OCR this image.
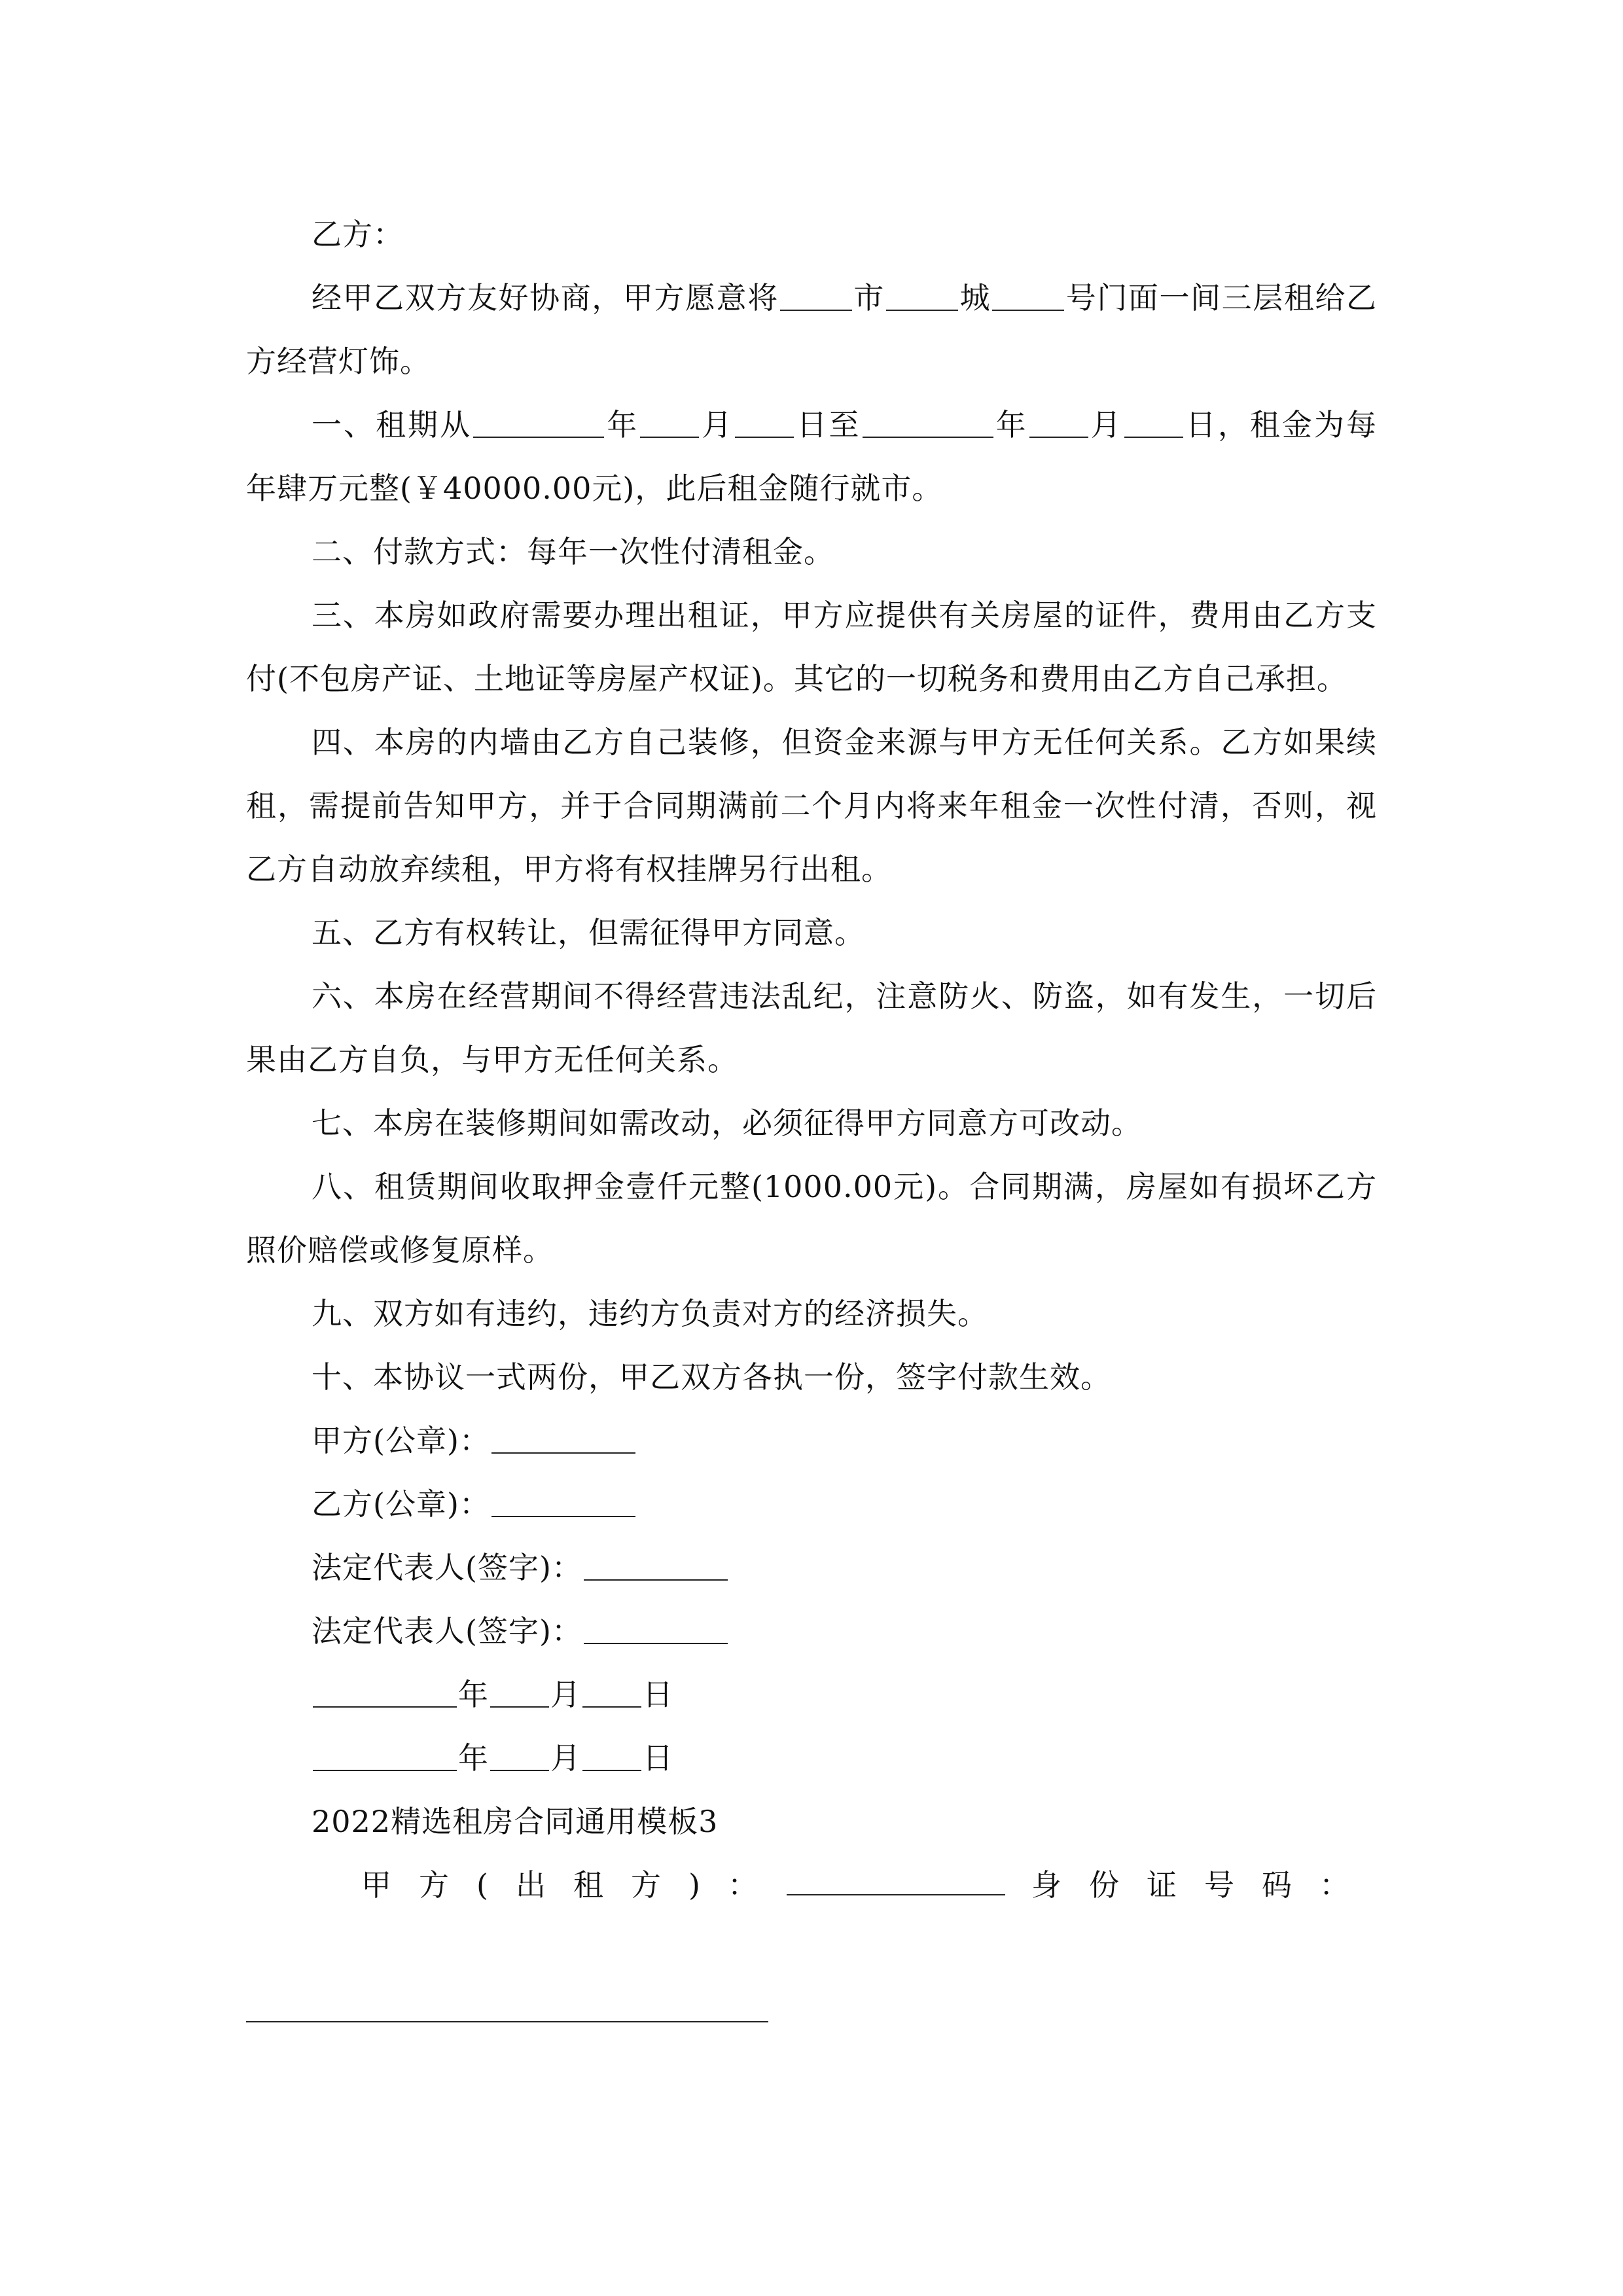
乙方：

经甲乙双方友好协商，甲方愿意将 市 城 号门面一间三层租给乙方经营灯饰。

一、租期从	年 月 日至	年 月 日，租金为每年肆万元整(￥40000.00元)，此后租金随行就市。

二、付款方式：每年一次性付清租金。

三、本房如政府需要办理出租证，甲方应提供有关房屋的证件，费用由乙方支付(不包房产证、土地证等房屋产权证)。其它的一切税务和费用由乙方自己承担。

四、本房的内墙由乙方自己装修，但资金来源与甲方无任何关系。乙方如果续租，需提前告知甲方，并于合同期满前二个月内将来年租金一次性付清，否则，视乙方自动放弃续租，甲方将有权挂牌另行出租。

五、乙方有权转让，但需征得甲方同意。

六、本房在经营期间不得经营违法乱纪，注意防火、防盗，如有发生，一切后果由乙方自负，与甲方无任何关系。

七、本房在装修期间如需改动，必须征得甲方同意方可改动。

八、租赁期间收取押金壹仟元整(1000.00元)。合同期满，房屋如有损坏乙方照价赔偿或修复原样。

九、双方如有违约，违约方负责对方的经济损失。

十、本协议一式两份，甲乙双方各执一份，签字付款生效。

甲方(公章)：

乙方(公章)：

法定代表人(签字)：

法定代表人(签字)：

年 月 日

年 月 日

2022精选租房合同通用模板3

甲方(出租方)：	身份证号码：
